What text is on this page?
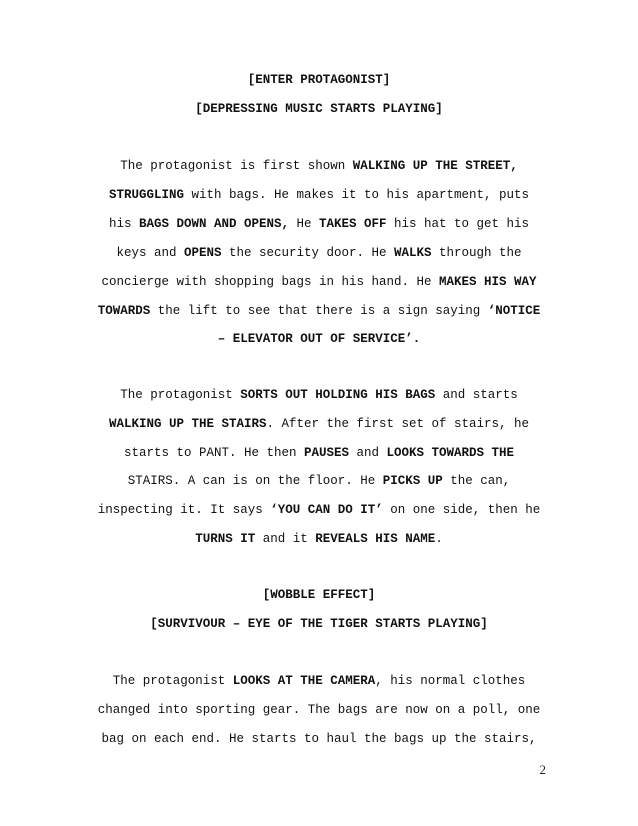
[ENTER PROTAGONIST]
[DEPRESSING MUSIC STARTS PLAYING]
The protagonist is first shown WALKING UP THE STREET,
STRUGGLING with bags. He makes it to his apartment, puts
his BAGS DOWN AND OPENS, He TAKES OFF his hat to get his
keys and OPENS the security door. He WALKS through the
concierge with shopping bags in his hand. He MAKES HIS WAY
TOWARDS the lift to see that there is a sign saying ‘NOTICE
– ELEVATOR OUT OF SERVICE’.
The protagonist SORTS OUT HOLDING HIS BAGS and starts
WALKING UP THE STAIRS. After the first set of stairs, he
starts to PANT. He then PAUSES and LOOKS TOWARDS THE
STAIRS. A can is on the floor. He PICKS UP the can,
inspecting it. It says ‘YOU CAN DO IT’ on one side, then he
TURNS IT and it REVEALS HIS NAME.
[WOBBLE EFFECT]
[SURVIVOUR – EYE OF THE TIGER STARTS PLAYING]
The protagonist LOOKS AT THE CAMERA, his normal clothes
changed into sporting gear. The bags are now on a poll, one
bag on each end. He starts to haul the bags up the stairs,
2
